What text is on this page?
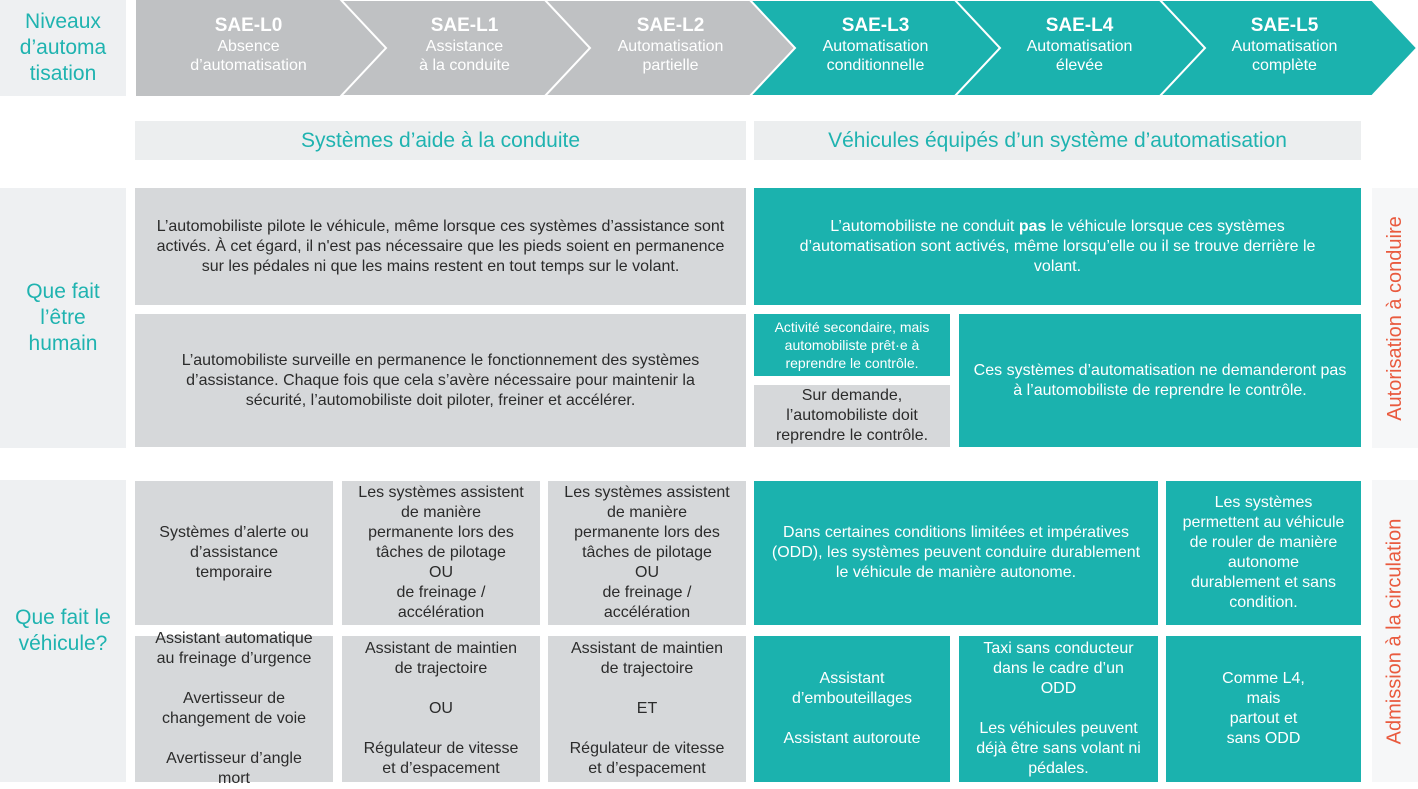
Niveaux
d’automa
tisation
SAE-L0
Absence
d’automatisation
SAE-L1
Assistance
à la conduite
SAE-L2
Automatisation
partielle
SAE-L3
Automatisation
conditionnelle
SAE-L4
Automatisation
élevée
SAE-L5
Automatisation
complète
Systèmes d’aide à la conduite	Véhicules équipés d’un système d’automatisation
Que fait
l’être
humain
L’automobiliste pilote le véhicule, même lorsque ces systèmes d’assistance sont activés. À cet égard, il n'est pas nécessaire que les pieds soient en permanence sur les pédales ni que les mains restent en tout temps sur le volant.
L’automobiliste ne conduit pas le véhicule lorsque ces systèmes d’automatisation sont activés, même lorsqu’elle ou il se trouve derrière le volant.
L’automobiliste surveille en permanence le fonctionnement des systèmes d’assistance. Chaque fois que cela s’avère nécessaire pour maintenir la sécurité, l’automobiliste doit piloter, freiner et accélérer.
Activité secondaire, mais automobiliste prêt·e à reprendre le contrôle.
Sur demande,
l’automobiliste doit
reprendre le contrôle.
Ces systèmes d’automatisation ne demanderont pas à l’automobiliste de reprendre le contrôle.	Autorisation à conduire
Que fait le
véhicule?
Systèmes d’alerte ou
d’assistance
temporaire
Les systèmes assistent
de manière
permanente lors des
tâches de pilotage
OU
de freinage /
accélération
Les systèmes assistent
de manière
permanente lors des
tâches de pilotage
OU
de freinage /
accélération
Dans certaines conditions limitées et impératives (ODD), les systèmes peuvent conduire durablement le véhicule de manière autonome.
Les systèmes
permettent au véhicule
de rouler de manière
autonome
durablement et sans
condition.
Assistant automatique
au freinage d’urgence

Avertisseur de
changement de voie

Avertisseur d’angle
mort
Assistant de maintien
de trajectoire

OU

Régulateur de vitesse
et d’espacement
Assistant de maintien
de trajectoire

ET

Régulateur de vitesse
et d’espacement
Assistant
d’embouteillages

Assistant autoroute
Taxi sans conducteur
dans le cadre d’un
ODD

Les véhicules peuvent
déjà être sans volant ni
pédales.
Comme L4,
mais
partout et
sans ODD	Admission à la circulation
